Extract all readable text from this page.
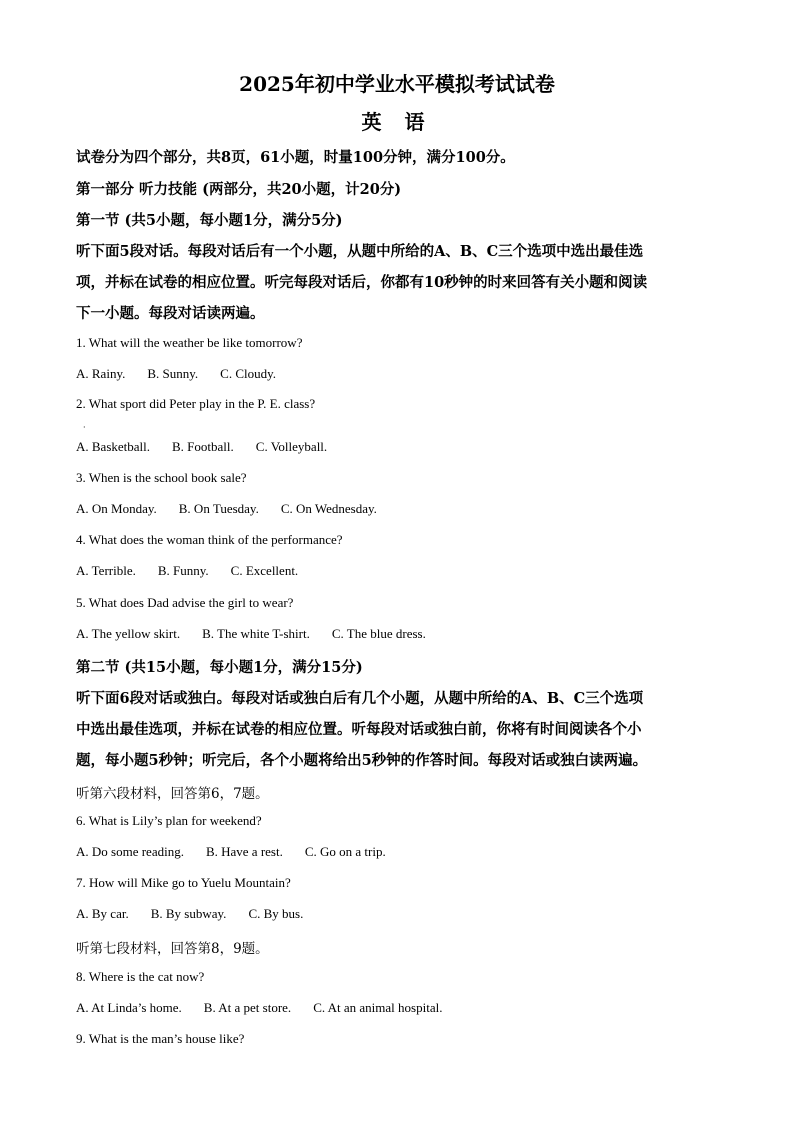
2025年初中学业水平模拟考试试卷
英 语
试卷分为四个部分，共8页，61小题，时量100分钟，满分100分。
第一部分 听力技能 (两部分，共20小题，计20分)
第一节 (共5小题，每小题1分，满分5分)
听下面5段对话。每段对话后有一个小题，从题中所给的A、B、C三个选项中选出最佳选
项，并标在试卷的相应位置。听完每段对话后，你都有10秒钟的时来回答有关小题和阅读
下一小题。每段对话读两遍。
1. What will the weather be like tomorrow?
A. Rainy. B. Sunny. C. Cloudy.
2. What sport did Peter play in the P. E. class?
·
A. Basketball. B. Football. C. Volleyball.
3. When is the school book sale?
A. On Monday. B. On Tuesday. C. On Wednesday.
4. What does the woman think of the performance?
A. Terrible. B. Funny. C. Excellent.
5. What does Dad advise the girl to wear?
A. The yellow skirt. B. The white T-shirt. C. The blue dress.
第二节 (共15小题，每小题1分，满分15分)
听下面6段对话或独白。每段对话或独白后有几个小题，从题中所给的A、B、C三个选项
中选出最佳选项，并标在试卷的相应位置。听每段对话或独白前，你将有时间阅读各个小
题，每小题5秒钟；听完后，各个小题将给出5秒钟的作答时间。每段对话或独白读两遍。
听第六段材料，回答第6，7题。
6. What is Lily’s plan for weekend?
A. Do some reading. B. Have a rest. C. Go on a trip.
7. How will Mike go to Yuelu Mountain?
A. By car. B. By subway. C. By bus.
听第七段材料，回答第8，9题。
8. Where is the cat now?
A. At Linda’s home. B. At a pet store. C. At an animal hospital.
9. What is the man’s house like?
